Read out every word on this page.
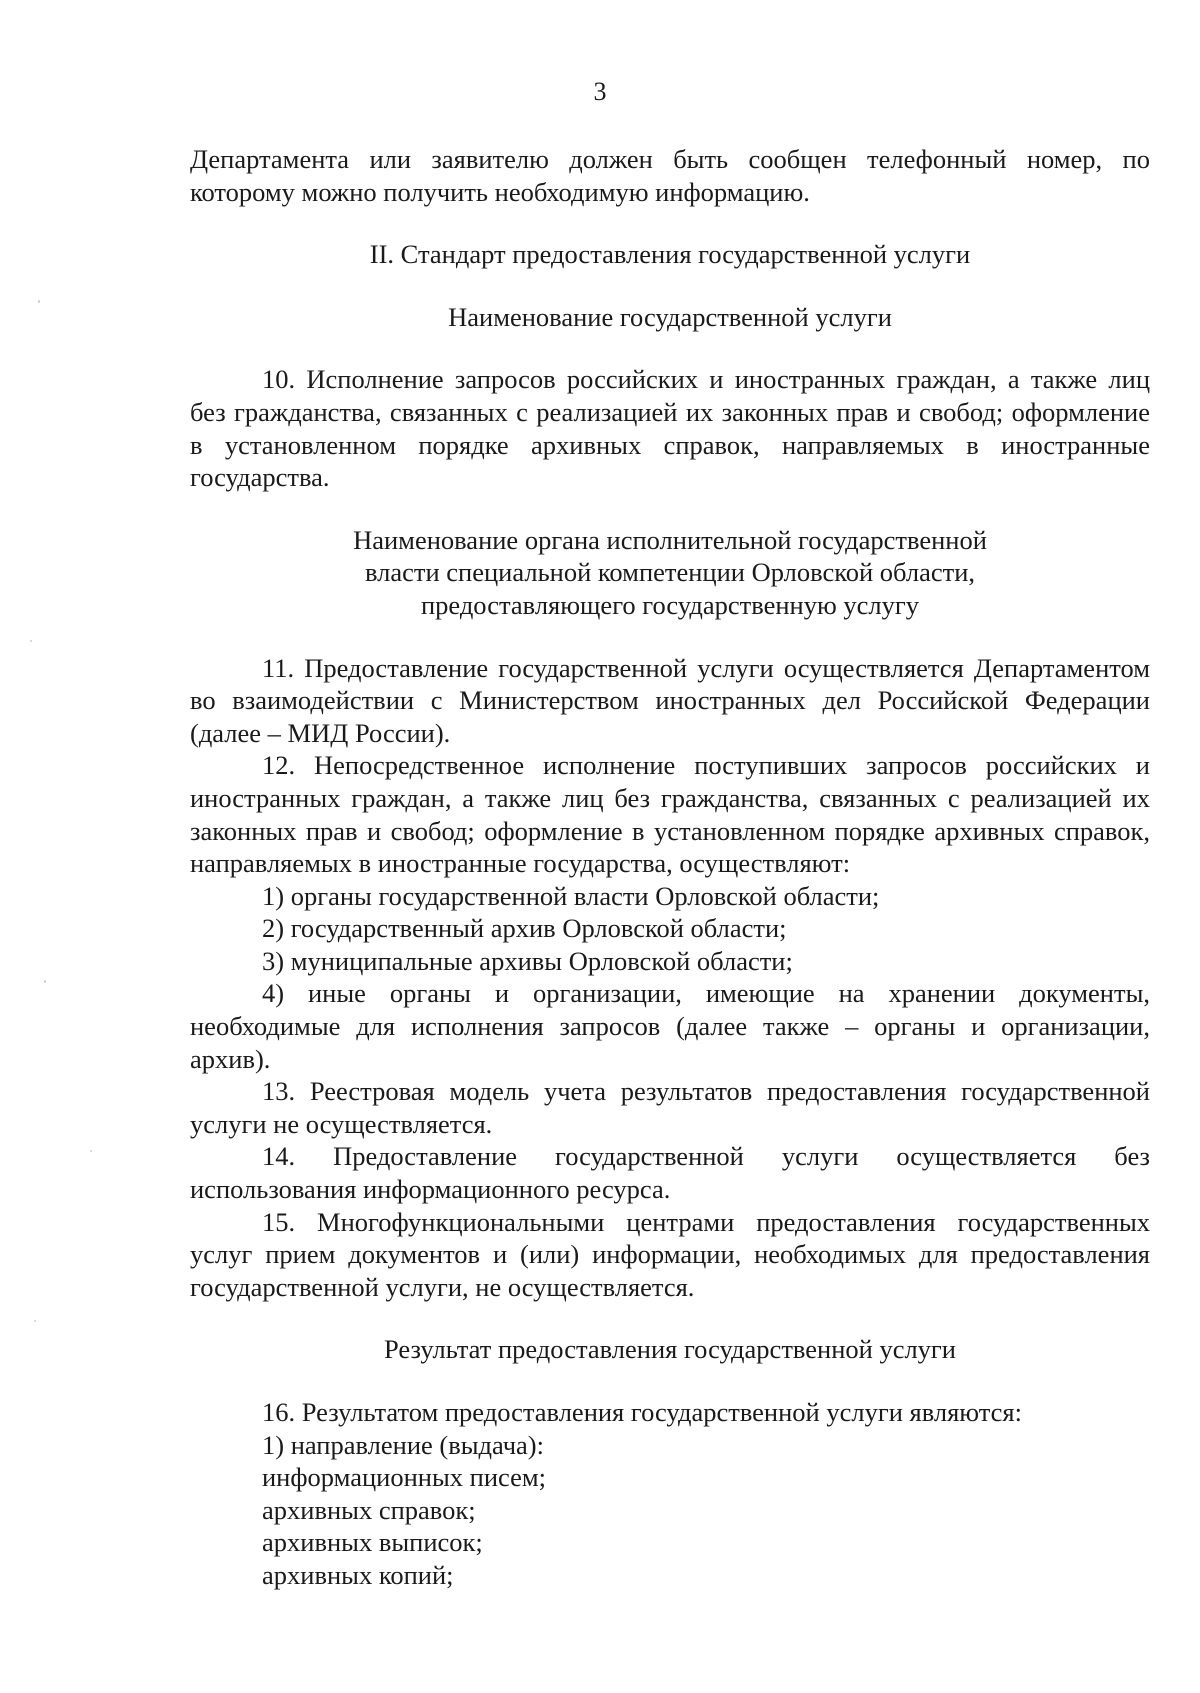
3

Департамента или заявителю должен быть сообщен телефонный номер, по которому можно получить необходимую информацию.

II. Стандарт предоставления государственной услуги

Наименование государственной услуги

10. Исполнение запросов российских и иностранных граждан, а также лиц без гражданства, связанных с реализацией их законных прав и свобод; оформление в установленном порядке архивных справок, направляемых в иностранные государства.

Наименование органа исполнительной государственной

власти специальной компетенции Орловской области,

предоставляющего государственную услугу

11. Предоставление государственной услуги осуществляется Департаментом во взаимодействии с Министерством иностранных дел Российской Федерации (далее – МИД России).

12. Непосредственное исполнение поступивших запросов российских и иностранных граждан, а также лиц без гражданства, связанных с реализацией их законных прав и свобод; оформление в установленном порядке архивных справок, направляемых в иностранные государства, осуществляют:

1) органы государственной власти Орловской области;

2) государственный архив Орловской области;

3) муниципальные архивы Орловской области;

4) иные органы и организации, имеющие на хранении документы, необходимые для исполнения запросов (далее также – органы и организации, архив).

13. Реестровая модель учета результатов предоставления государственной услуги не осуществляется.

14. Предоставление государственной услуги осуществляется без использования информационного ресурса.

15. Многофункциональными центрами предоставления государственных услуг прием документов и (или) информации, необходимых для предоставления государственной услуги, не осуществляется.

Результат предоставления государственной услуги

16. Результатом предоставления государственной услуги являются:

1) направление (выдача):

информационных писем;

архивных справок;

архивных выписок;

архивных копий;
